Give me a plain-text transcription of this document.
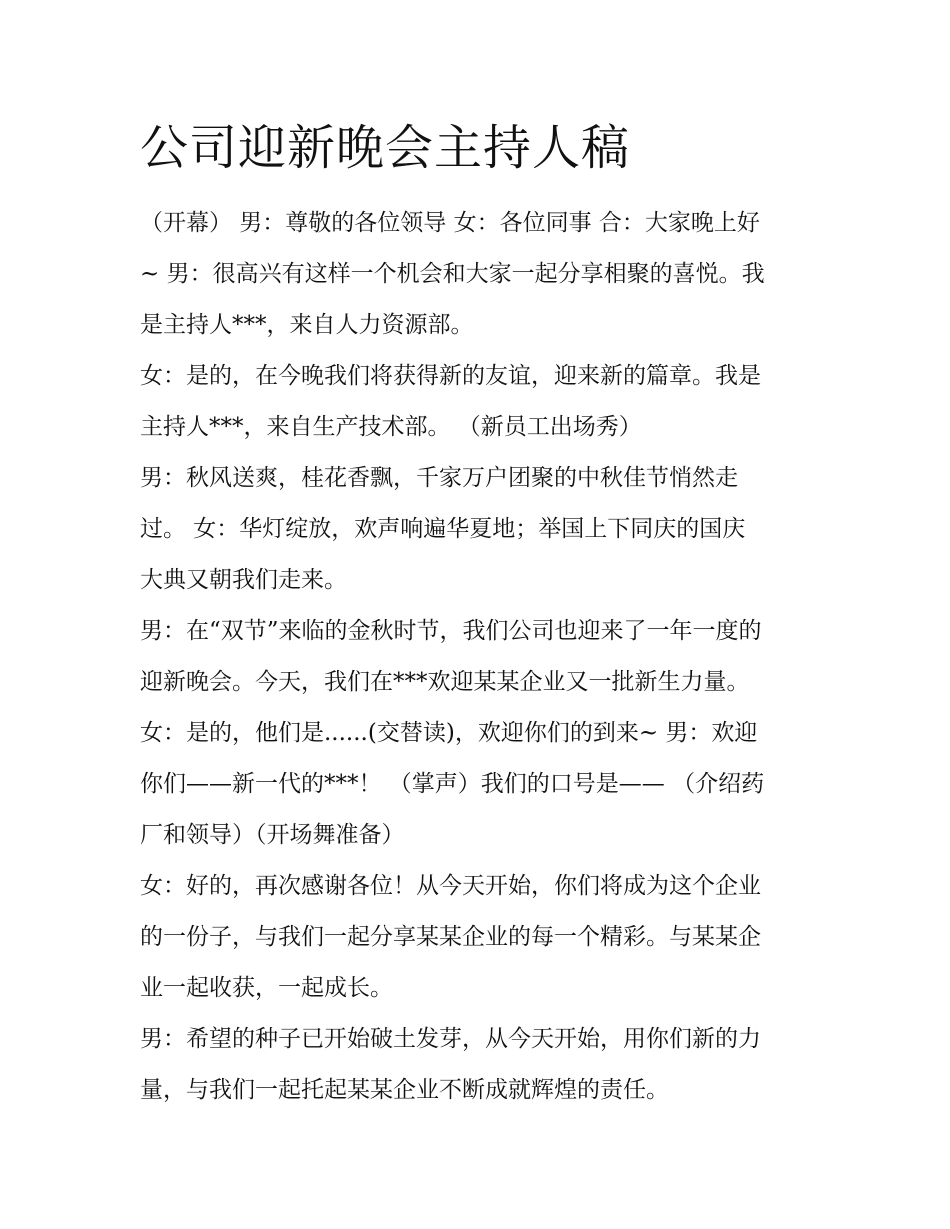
公司迎新晚会主持人稿

（开幕） 男：尊敬的各位领导 女：各位同事 合：大家晚上好
~ 男：很高兴有这样一个机会和大家一起分享相聚的喜悦。我
是主持人***，来自人力资源部。

女：是的，在今晚我们将获得新的友谊，迎来新的篇章。我是
主持人***，来自生产技术部。 （新员工出场秀）

男：秋风送爽，桂花香飘，千家万户团聚的中秋佳节悄然走
过。 女：华灯绽放，欢声响遍华夏地；举国上下同庆的国庆
大典又朝我们走来。

男：在“双节”来临的金秋时节，我们公司也迎来了一年一度的
迎新晚会。今天，我们在***欢迎某某企业又一批新生力量。

女：是的，他们是......(交替读)，欢迎你们的到来~ 男：欢迎
你们——新一代的***！ （掌声）我们的口号是—— （介绍药
厂和领导）（开场舞准备）

女：好的，再次感谢各位！从今天开始，你们将成为这个企业
的一份子，与我们一起分享某某企业的每一个精彩。与某某企
业一起收获，一起成长。

男：希望的种子已开始破土发芽，从今天开始，用你们新的力
量，与我们一起托起某某企业不断成就辉煌的责任。
